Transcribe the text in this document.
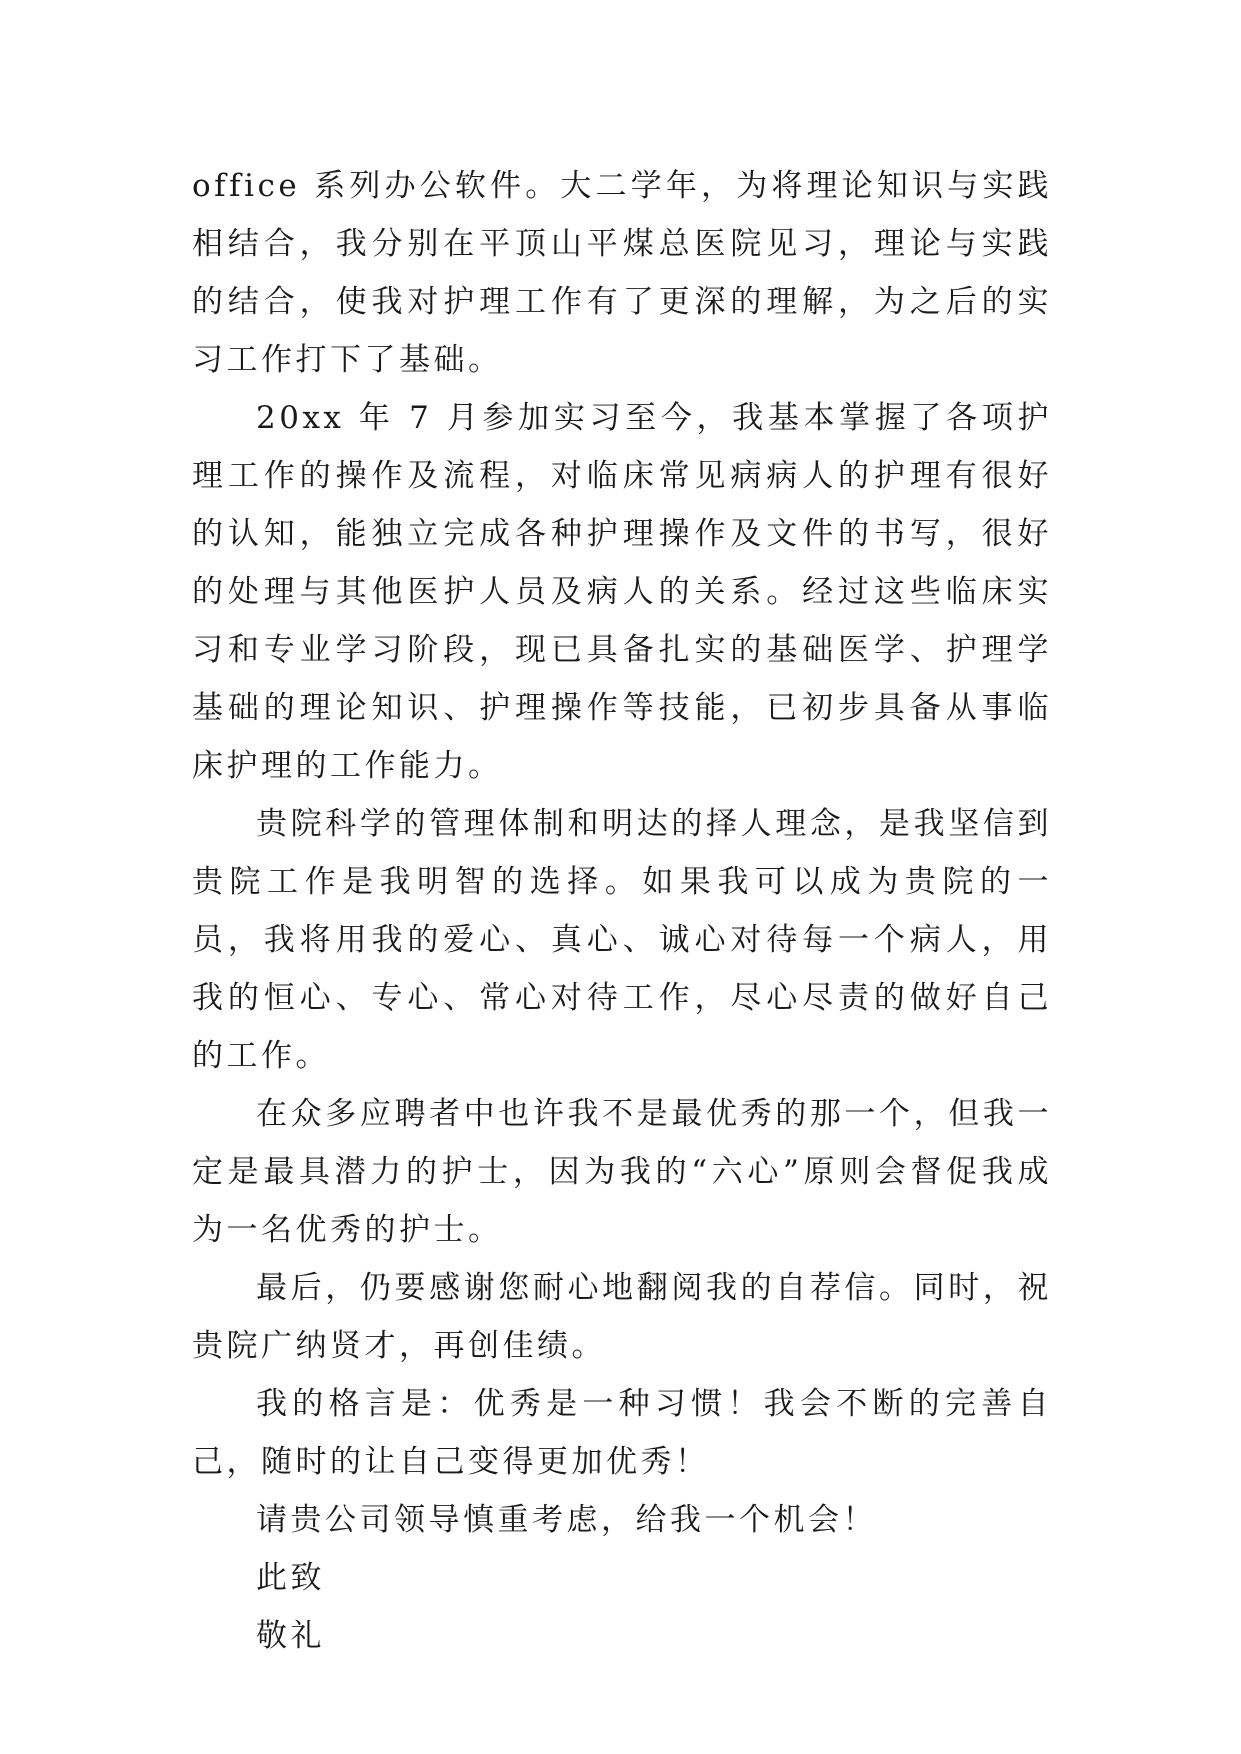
office 系列办公软件。大二学年，为将理论知识与实践相结合，我分别在平顶山平煤总医院见习，理论与实践的结合，使我对护理工作有了更深的理解，为之后的实习工作打下了基础。

20xx 年 7 月参加实习至今，我基本掌握了各项护理工作的操作及流程，对临床常见病病人的护理有很好的认知，能独立完成各种护理操作及文件的书写，很好的处理与其他医护人员及病人的关系。经过这些临床实习和专业学习阶段，现已具备扎实的基础医学、护理学基础的理论知识、护理操作等技能，已初步具备从事临床护理的工作能力。

贵院科学的管理体制和明达的择人理念，是我坚信到贵院工作是我明智的选择。如果我可以成为贵院的一员，我将用我的爱心、真心、诚心对待每一个病人，用我的恒心、专心、常心对待工作，尽心尽责的做好自己的工作。

在众多应聘者中也许我不是最优秀的那一个，但我一定是最具潜力的护士，因为我的“六心”原则会督促我成为一名优秀的护士。

最后，仍要感谢您耐心地翻阅我的自荐信。同时，祝贵院广纳贤才，再创佳绩。

我的格言是：优秀是一种习惯！我会不断的完善自己，随时的让自己变得更加优秀！

请贵公司领导慎重考虑，给我一个机会！

此致

敬礼
